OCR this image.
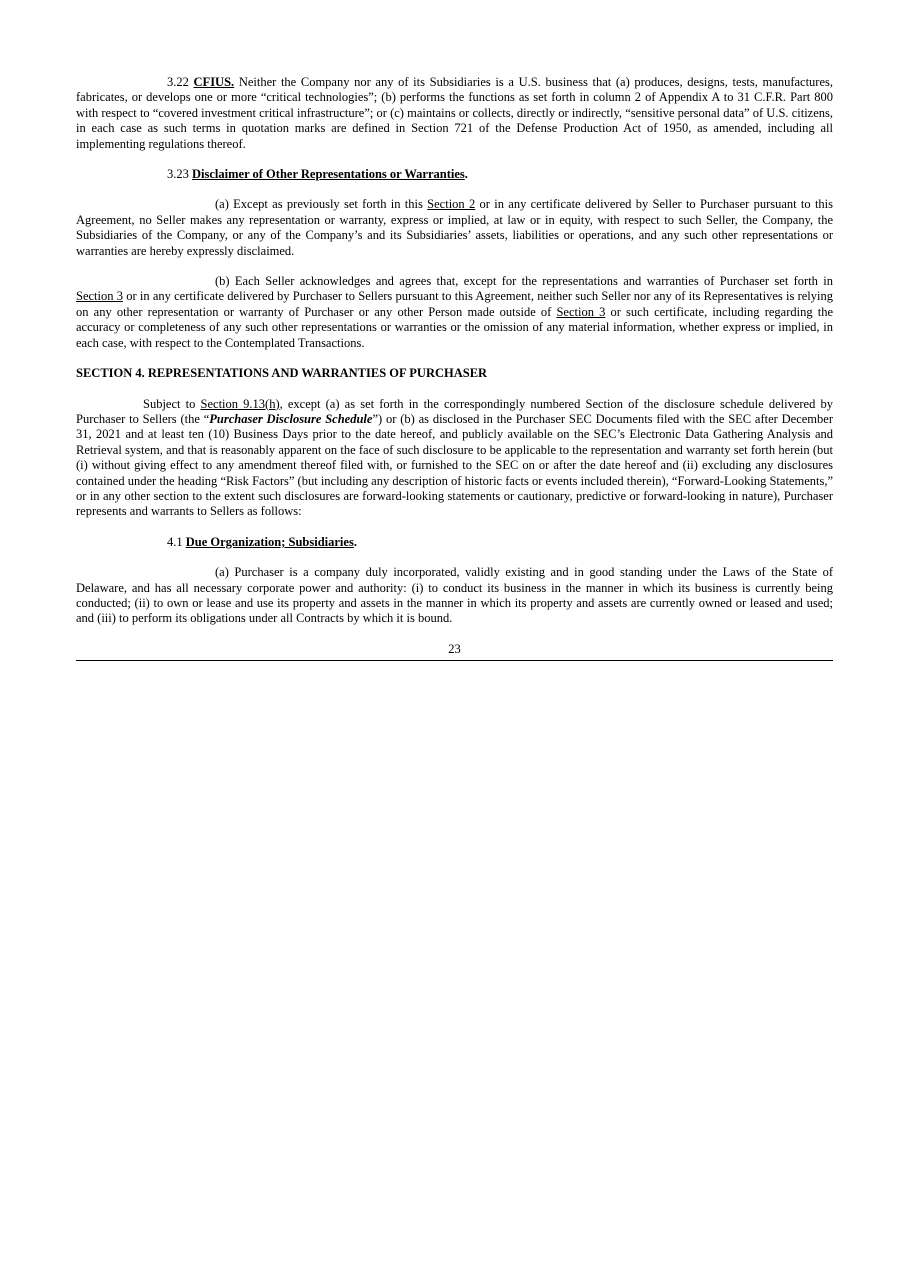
3.22 CFIUS. Neither the Company nor any of its Subsidiaries is a U.S. business that (a) produces, designs, tests, manufactures, fabricates, or develops one or more “critical technologies”; (b) performs the functions as set forth in column 2 of Appendix A to 31 C.F.R. Part 800 with respect to “covered investment critical infrastructure”; or (c) maintains or collects, directly or indirectly, “sensitive personal data” of U.S. citizens, in each case as such terms in quotation marks are defined in Section 721 of the Defense Production Act of 1950, as amended, including all implementing regulations thereof.

3.23 Disclaimer of Other Representations or Warranties.

(a) Except as previously set forth in this Section 2 or in any certificate delivered by Seller to Purchaser pursuant to this Agreement, no Seller makes any representation or warranty, express or implied, at law or in equity, with respect to such Seller, the Company, the Subsidiaries of the Company, or any of the Company’s and its Subsidiaries’ assets, liabilities or operations, and any such other representations or warranties are hereby expressly disclaimed.

(b) Each Seller acknowledges and agrees that, except for the representations and warranties of Purchaser set forth in Section 3 or in any certificate delivered by Purchaser to Sellers pursuant to this Agreement, neither such Seller nor any of its Representatives is relying on any other representation or warranty of Purchaser or any other Person made outside of Section 3 or such certificate, including regarding the accuracy or completeness of any such other representations or warranties or the omission of any material information, whether express or implied, in each case, with respect to the Contemplated Transactions.

SECTION 4. REPRESENTATIONS AND WARRANTIES OF PURCHASER

Subject to Section 9.13(h), except (a) as set forth in the correspondingly numbered Section of the disclosure schedule delivered by Purchaser to Sellers (the “Purchaser Disclosure Schedule”) or (b) as disclosed in the Purchaser SEC Documents filed with the SEC after December 31, 2021 and at least ten (10) Business Days prior to the date hereof, and publicly available on the SEC’s Electronic Data Gathering Analysis and Retrieval system, and that is reasonably apparent on the face of such disclosure to be applicable to the representation and warranty set forth herein (but (i) without giving effect to any amendment thereof filed with, or furnished to the SEC on or after the date hereof and (ii) excluding any disclosures contained under the heading “Risk Factors” (but including any description of historic facts or events included therein), “Forward-Looking Statements,” or in any other section to the extent such disclosures are forward-looking statements or cautionary, predictive or forward-looking in nature), Purchaser represents and warrants to Sellers as follows:

4.1 Due Organization; Subsidiaries.

(a) Purchaser is a company duly incorporated, validly existing and in good standing under the Laws of the State of Delaware, and has all necessary corporate power and authority: (i) to conduct its business in the manner in which its business is currently being conducted; (ii) to own or lease and use its property and assets in the manner in which its property and assets are currently owned or leased and used; and (iii) to perform its obligations under all Contracts by which it is bound.

23
